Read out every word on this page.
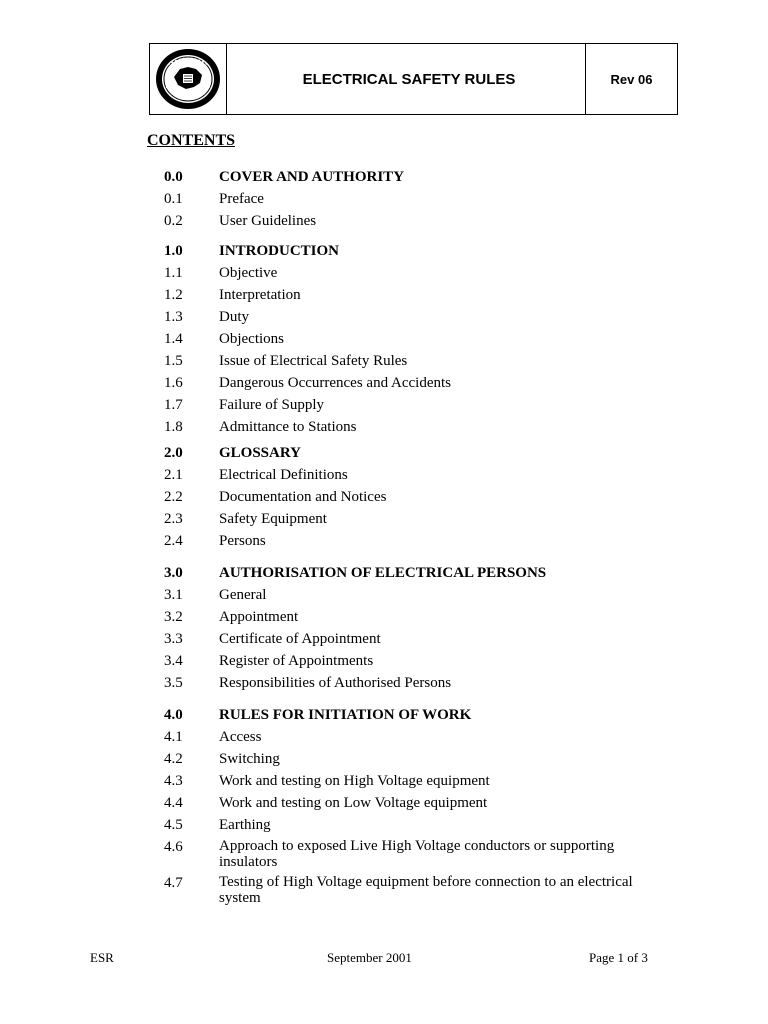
ELECTRICAL SAFETY RULES	Rev 06
CONTENTS
0.0	COVER AND AUTHORITY
0.1	Preface
0.2	User Guidelines
1.0	INTRODUCTION
1.1	Objective
1.2	Interpretation
1.3	Duty
1.4	Objections
1.5	Issue of Electrical Safety Rules
1.6	Dangerous Occurrences and Accidents
1.7	Failure of Supply
1.8	Admittance to Stations
2.0	GLOSSARY
2.1	Electrical Definitions
2.2	Documentation and Notices
2.3	Safety Equipment
2.4	Persons
3.0	AUTHORISATION OF ELECTRICAL PERSONS
3.1	General
3.2	Appointment
3.3	Certificate of Appointment
3.4	Register of Appointments
3.5	Responsibilities of Authorised Persons
4.0	RULES FOR INITIATION OF WORK
4.1	Access
4.2	Switching
4.3	Work and testing on High Voltage equipment
4.4	Work and testing on Low Voltage equipment
4.5	Earthing
4.6	Approach to exposed Live High Voltage conductors or supporting insulators
4.7	Testing of High Voltage equipment before connection to an electrical system
ESR	September 2001	Page 1 of 3
